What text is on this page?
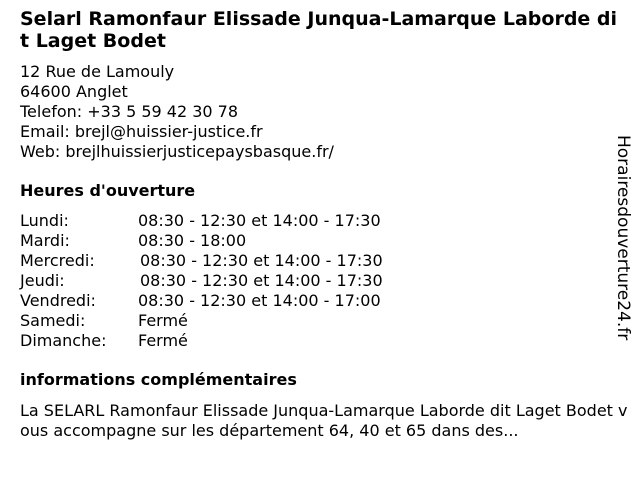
Selarl Ramonfaur Elissade Junqua-Lamarque Laborde dit Laget Bodet
12 Rue de Lamouly
64600 Anglet
Telefon: +33 5 59 42 30 78
Email: brejl@huissier-justice.fr
Web: brejlhuissierjusticepaysbasque.fr/
Heures d'ouverture
Lundi:	08:30 - 12:30 et 14:00 - 17:30
Mardi:	08:30 - 18:00
Mercredi:	08:30 - 12:30 et 14:00 - 17:30
Jeudi:	08:30 - 12:30 et 14:00 - 17:30
Vendredi:	08:30 - 12:30 et 14:00 - 17:00
Samedi:	Fermé
Dimanche: Fermé
informations complémentaires
La SELARL Ramonfaur Elissade Junqua-Lamarque Laborde dit Laget Bodet vous accompagne sur les département 64, 40 et 65 dans des...
Horairesdouverture24.fr
